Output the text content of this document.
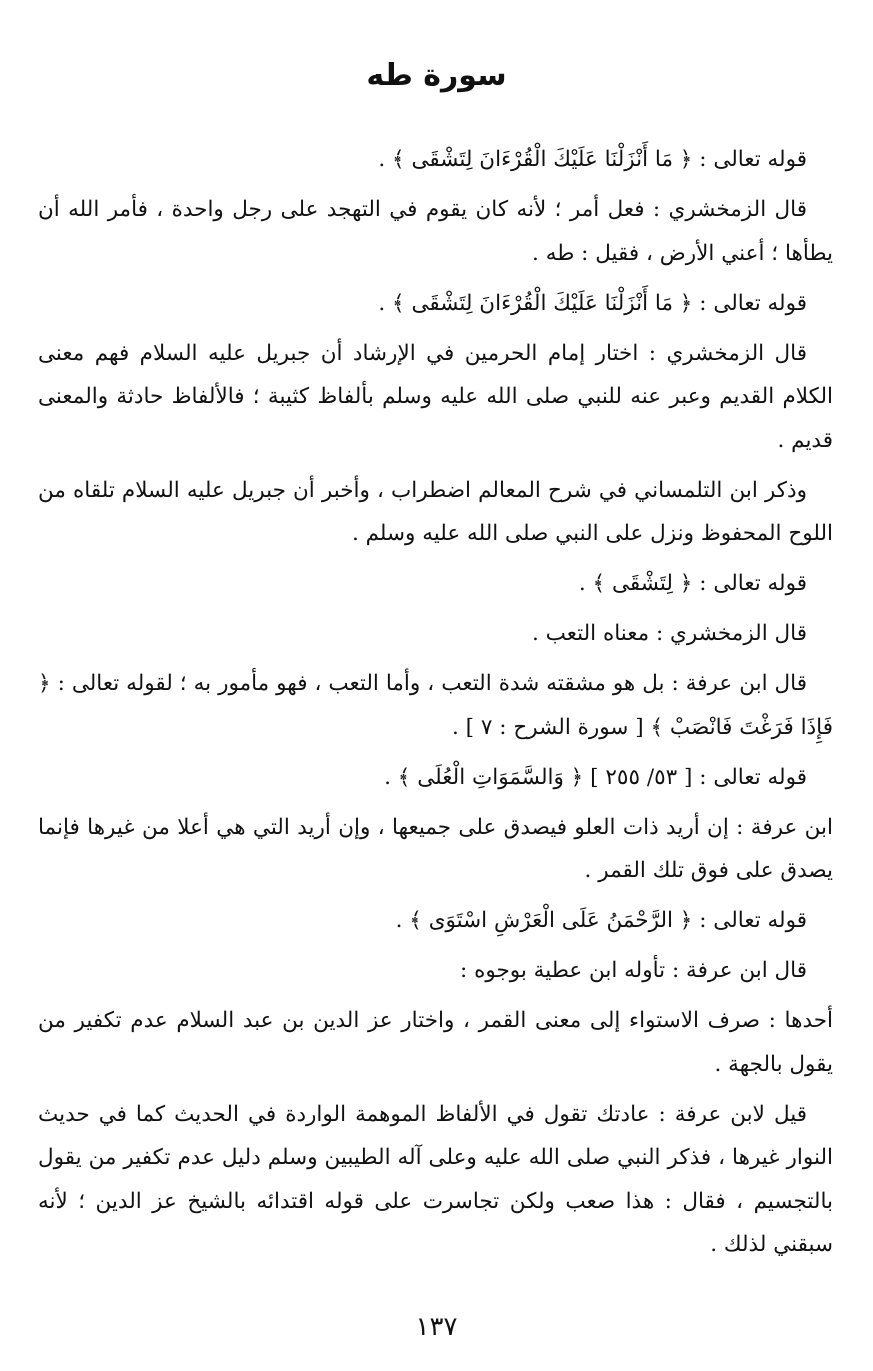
سورة طه

قوله تعالى : ﴿ مَا أَنْزَلْنَا عَلَيْكَ الْقُرْءَانَ لِتَشْقَى ﴾ .

قال الزمخشري : فعل أمر ؛ لأنه كان يقوم في التهجد على رجل واحدة ، فأمر الله أن يطأها ؛ أعني الأرض ، فقيل : طه .

قوله تعالى : ﴿ مَا أَنْزَلْنَا عَلَيْكَ الْقُرْءَانَ لِتَشْقَى ﴾ .

قال الزمخشري : اختار إمام الحرمين في الإرشاد أن جبريل عليه السلام فهم معنى الكلام القديم وعبر عنه للنبي صلى الله عليه وسلم بألفاظ كثيبة ؛ فالألفاظ حادثة والمعنى قديم .

وذكر ابن التلمساني في شرح المعالم اضطراب ، وأخبر أن جبريل عليه السلام تلقاه من اللوح المحفوظ ونزل على النبي صلى الله عليه وسلم .

قوله تعالى : ﴿ لِتَشْقَى ﴾ .

قال الزمخشري : معناه التعب .

قال ابن عرفة : بل هو مشقته شدة التعب ، وأما التعب ، فهو مأمور به ؛ لقوله تعالى : ﴿ فَإِذَا فَرَغْتَ فَانْصَبْ ﴾ [ سورة الشرح : ٧ ] .

قوله تعالى : [ ٥٣/ ٢٥٥ ] ﴿ وَالسَّمَوَاتِ الْعُلَى ﴾ .

ابن عرفة : إن أريد ذات العلو فيصدق على جميعها ، وإن أريد التي هي أعلا من غيرها فإنما يصدق على فوق تلك القمر .

قوله تعالى : ﴿ الرَّحْمَنُ عَلَى الْعَرْشِ اسْتَوَى ﴾ .

قال ابن عرفة : تأوله ابن عطية بوجوه :

أحدها : صرف الاستواء إلى معنى القمر ، واختار عز الدين بن عبد السلام عدم تكفير من يقول بالجهة .

قيل لابن عرفة : عادتك تقول في الألفاظ الموهمة الواردة في الحديث كما في حديث النوار غيرها ، فذكر النبي صلى الله عليه وعلى آله الطيبين وسلم دليل عدم تكفير من يقول بالتجسيم ، فقال : هذا صعب ولكن تجاسرت على قوله اقتدائه بالشيخ عز الدين ؛ لأنه سبقني لذلك .

١٣٧
